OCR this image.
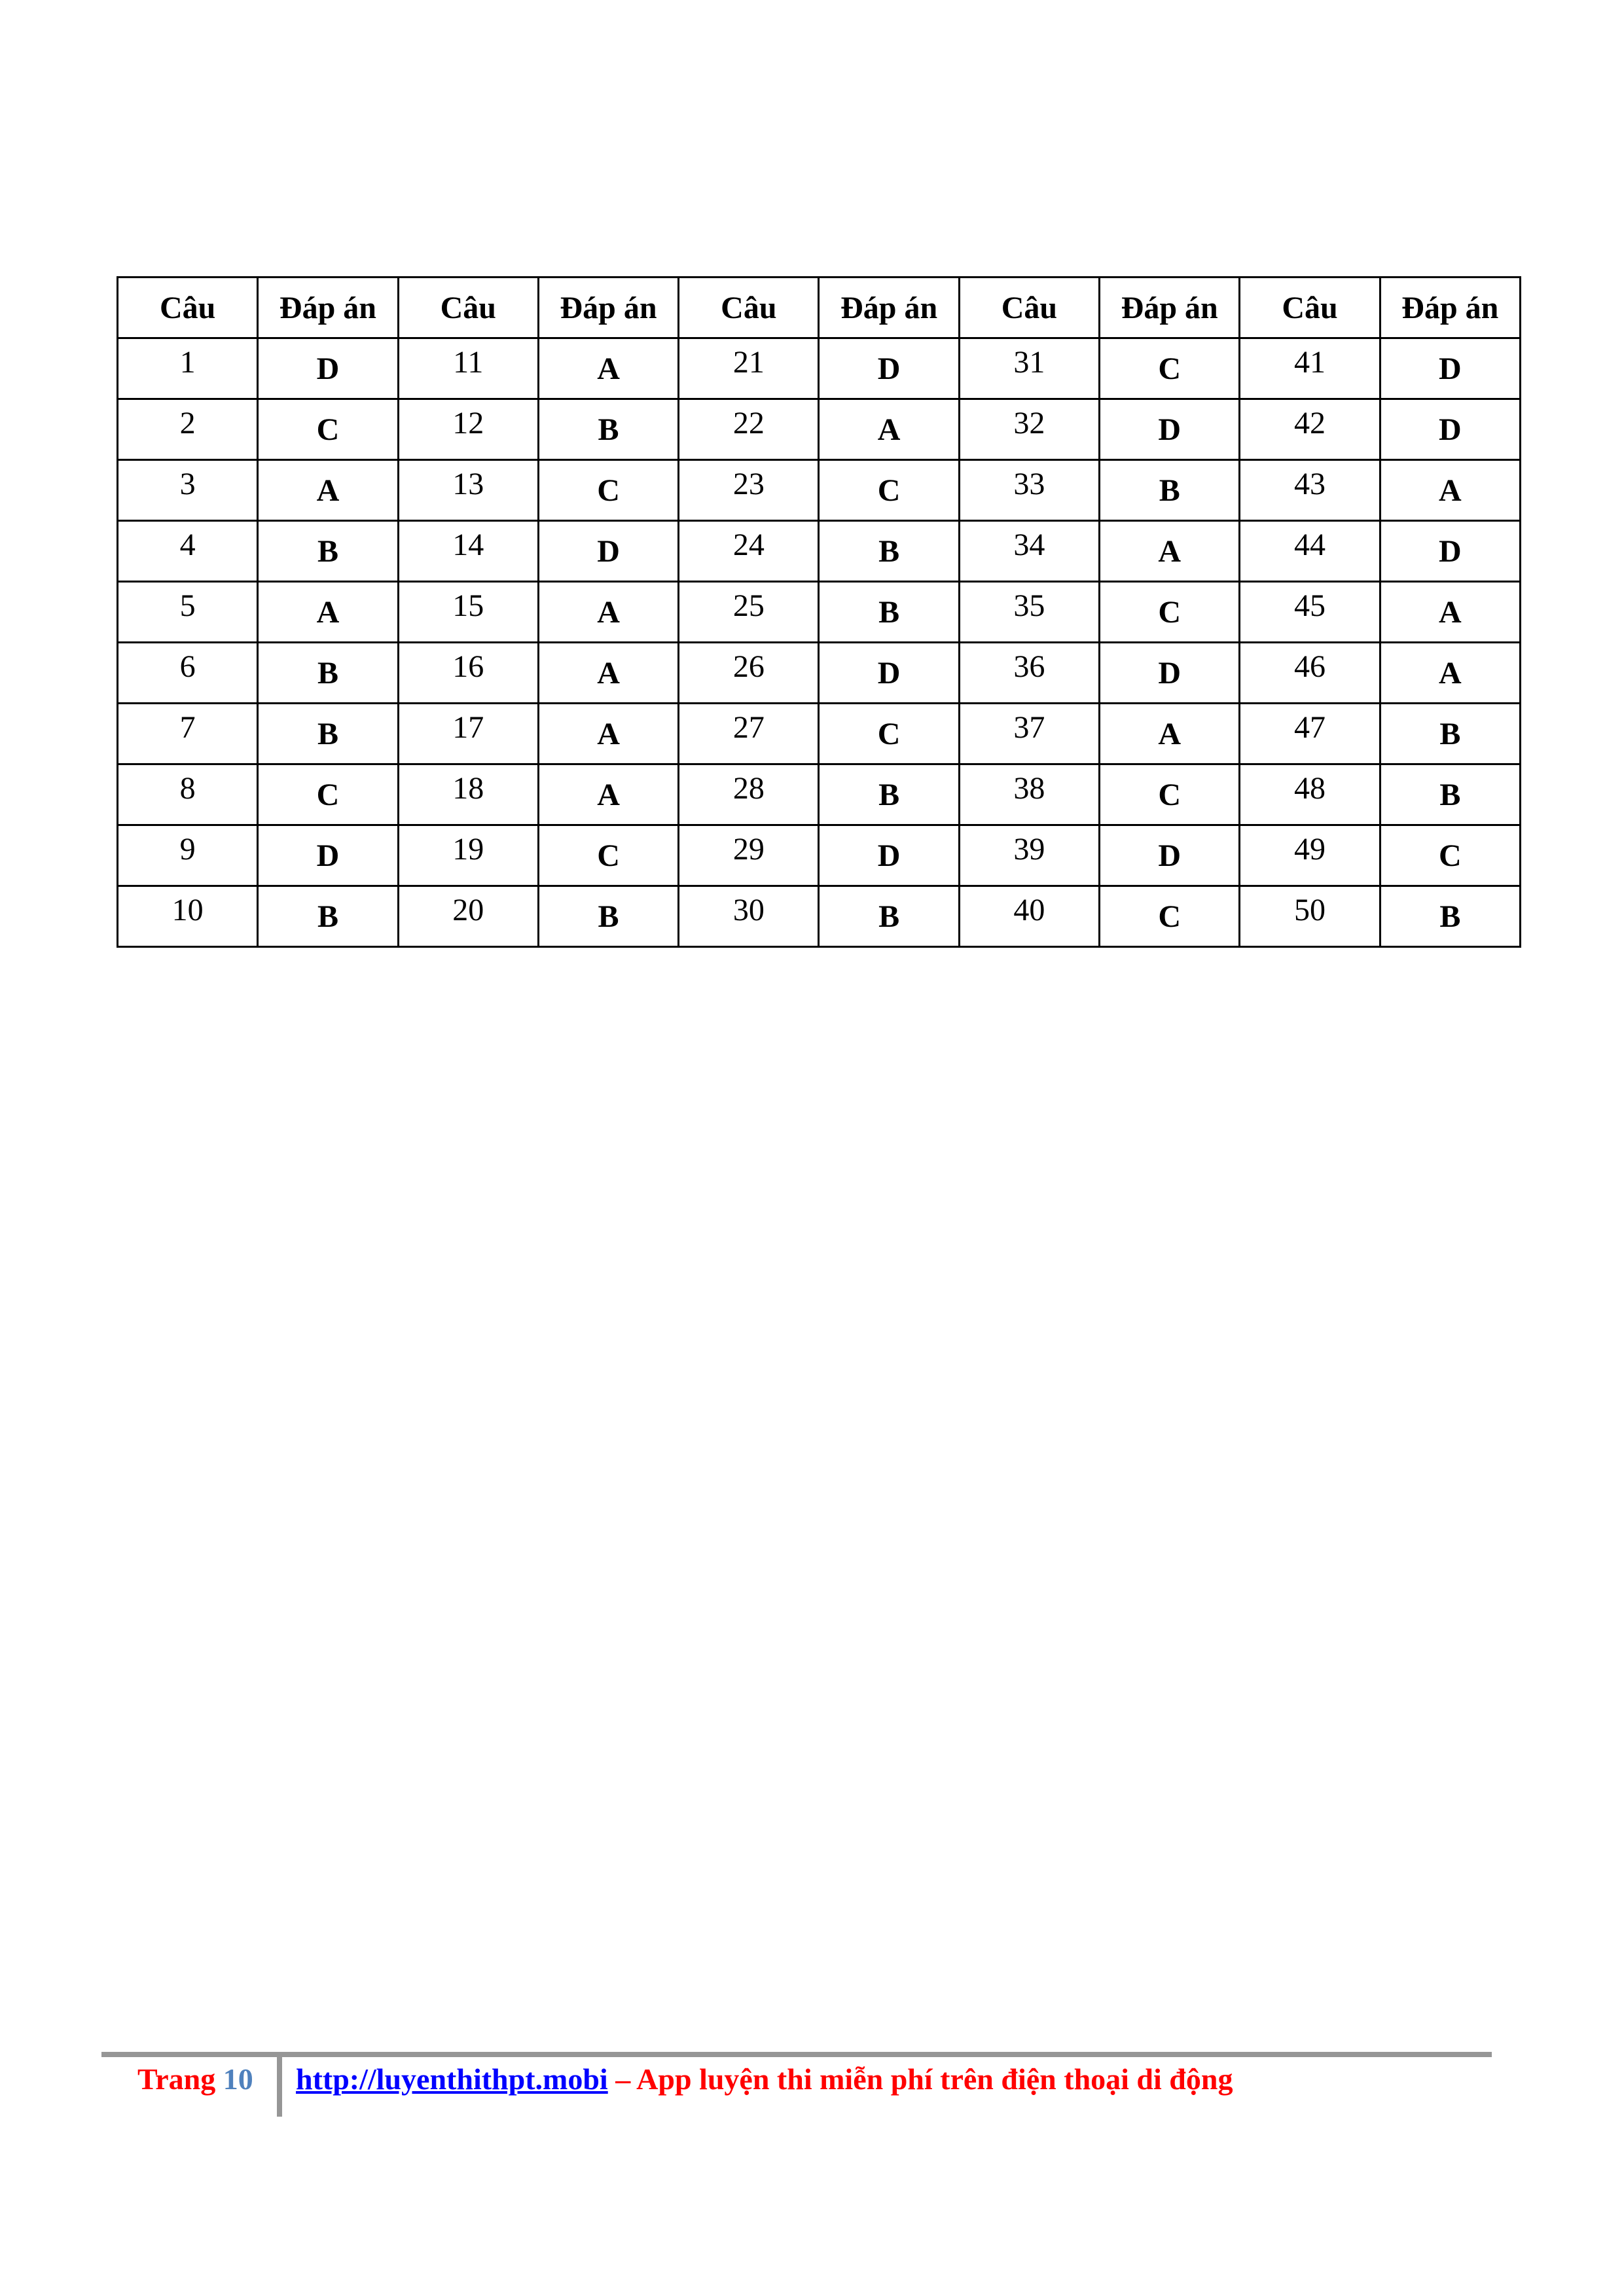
Câu	Đáp án	Câu	Đáp án	Câu	Đáp án	Câu	Đáp án	Câu	Đáp án
1	D	11	A	21	D	31	C	41	D
2	C	12	B	22	A	32	D	42	D
3	A	13	C	23	C	33	B	43	A
4	B	14	D	24	B	34	A	44	D
5	A	15	A	25	B	35	C	45	A
6	B	16	A	26	D	36	D	46	A
7	B	17	A	27	C	37	A	47	B
8	C	18	A	28	B	38	C	48	B
9	D	19	C	29	D	39	D	49	C
10	B	20	B	30	B	40	C	50	B
Trang 10 http://luyenthithpt.mobi – App luyện thi miễn phí trên điện thoại di động
